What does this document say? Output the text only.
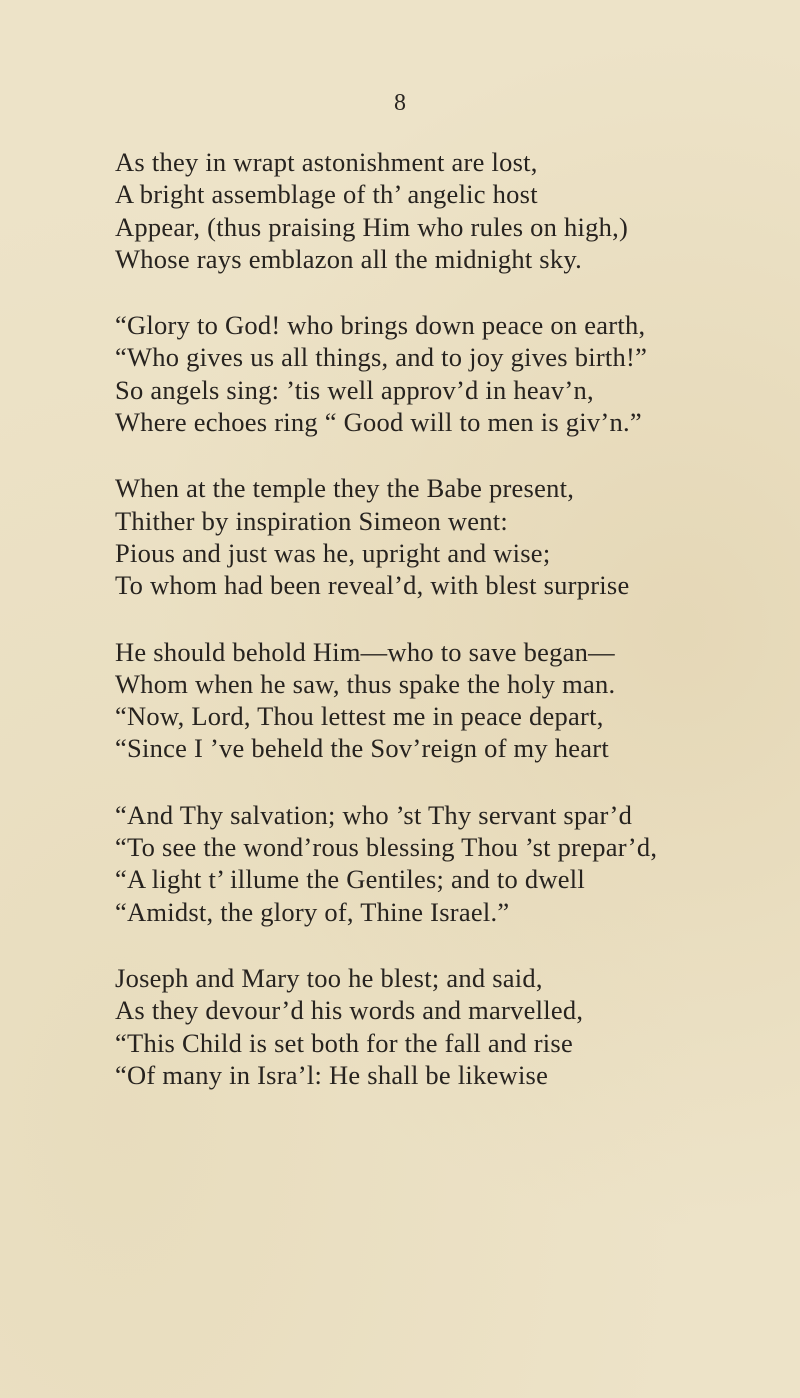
8
As they in wrapt astonishment are lost,
A bright assemblage of th’ angelic host
Appear, (thus praising Him who rules on high,)
Whose rays emblazon all the midnight sky.
“Glory to God! who brings down peace on earth,
“Who gives us all things, and to joy gives birth!”
So angels sing: ’tis well approv’d in heav’n,
Where echoes ring “ Good will to men is giv’n.”
When at the temple they the Babe present,
Thither by inspiration Simeon went:
Pious and just was he, upright and wise;
To whom had been reveal’d, with blest surprise
He should behold Him—who to save began—
Whom when he saw, thus spake the holy man.
“Now, Lord, Thou lettest me in peace depart,
“Since I ’ve beheld the Sov’reign of my heart
“And Thy salvation; who ’st Thy servant spar’d
“To see the wond’rous blessing Thou ’st prepar’d,
“A light t’ illume the Gentiles; and to dwell
“Amidst, the glory of, Thine Israel.”
Joseph and Mary too he blest; and said,
As they devour’d his words and marvelled,
“This Child is set both for the fall and rise
“Of many in Isra’l: He shall be likewise
